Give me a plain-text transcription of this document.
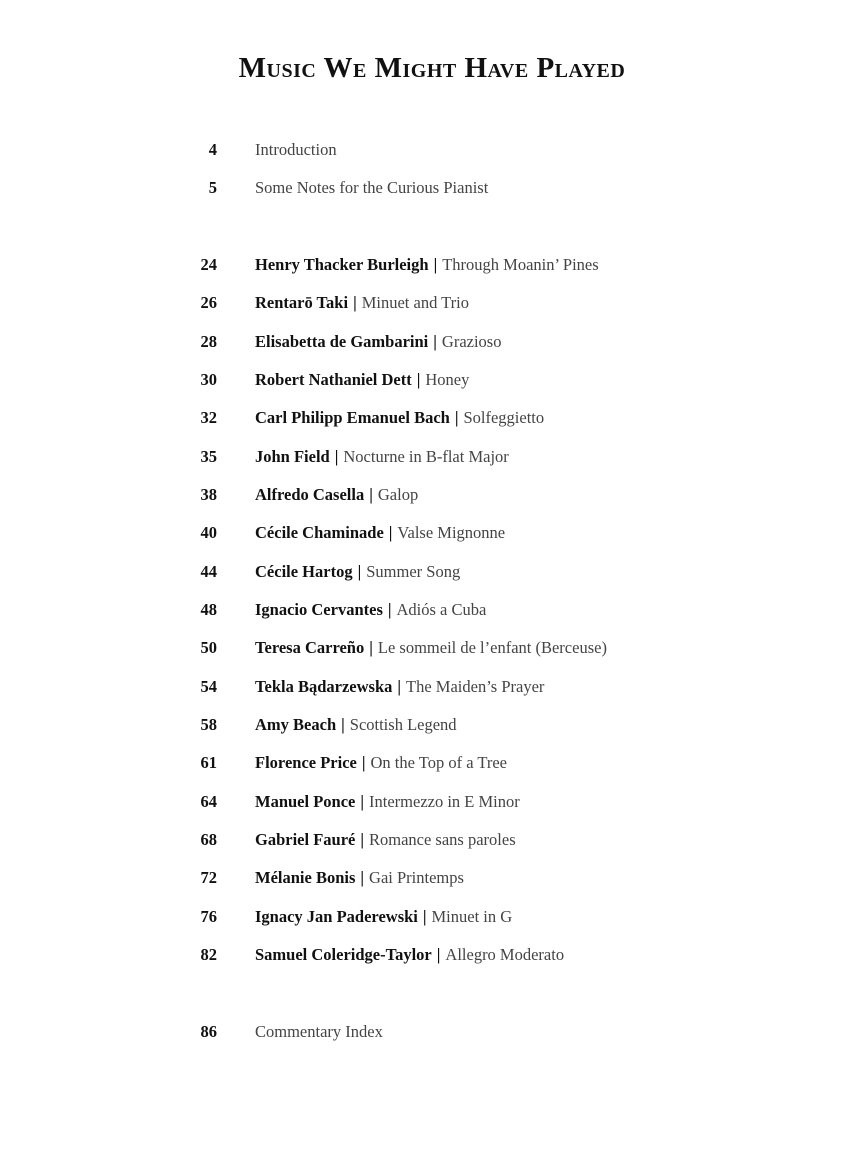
Music We Might Have Played
4 Introduction
5 Some Notes for the Curious Pianist
24 Henry Thacker Burleigh | Through Moanin’ Pines
26 Rentarō Taki | Minuet and Trio
28 Elisabetta de Gambarini | Grazioso
30 Robert Nathaniel Dett | Honey
32 Carl Philipp Emanuel Bach | Solfeggietto
35 John Field | Nocturne in B-flat Major
38 Alfredo Casella | Galop
40 Cécile Chaminade | Valse Mignonne
44 Cécile Hartog | Summer Song
48 Ignacio Cervantes | Adiós a Cuba
50 Teresa Carreño | Le sommeil de l’enfant (Berceuse)
54 Tekla Bądarzewska | The Maiden’s Prayer
58 Amy Beach | Scottish Legend
61 Florence Price | On the Top of a Tree
64 Manuel Ponce | Intermezzo in E Minor
68 Gabriel Fauré | Romance sans paroles
72 Mélanie Bonis | Gai Printemps
76 Ignacy Jan Paderewski | Minuet in G
82 Samuel Coleridge-Taylor | Allegro Moderato
86 Commentary Index
